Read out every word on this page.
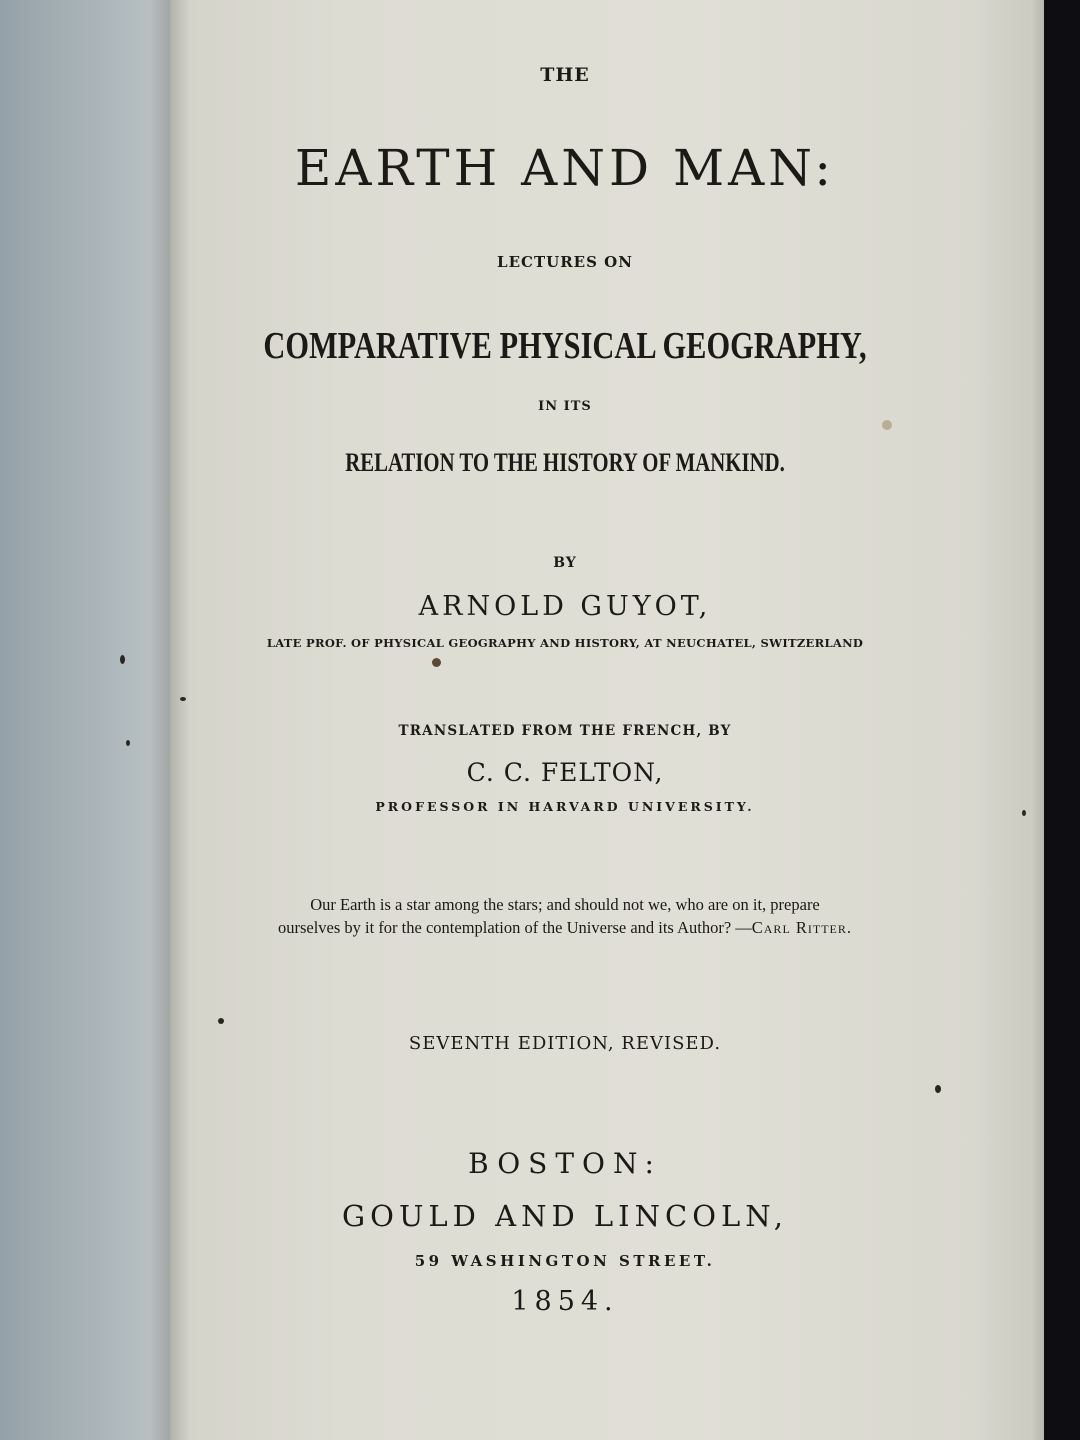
THE

EARTH AND MAN:

LECTURES ON

COMPARATIVE PHYSICAL GEOGRAPHY,

IN ITS

RELATION TO THE HISTORY OF MANKIND.

BY

ARNOLD GUYOT,

LATE PROF. OF PHYSICAL GEOGRAPHY AND HISTORY, AT NEUCHATEL, SWITZERLAND

TRANSLATED FROM THE FRENCH, BY

C. C. FELTON,

PROFESSOR IN HARVARD UNIVERSITY.

Our Earth is a star among the stars; and should not we, who are on it, prepare

ourselves by it for the contemplation of the Universe and its Author? —Carl Ritter.

SEVENTH EDITION, REVISED.

BOSTON:

GOULD AND LINCOLN,

59 WASHINGTON STREET.

1854.
